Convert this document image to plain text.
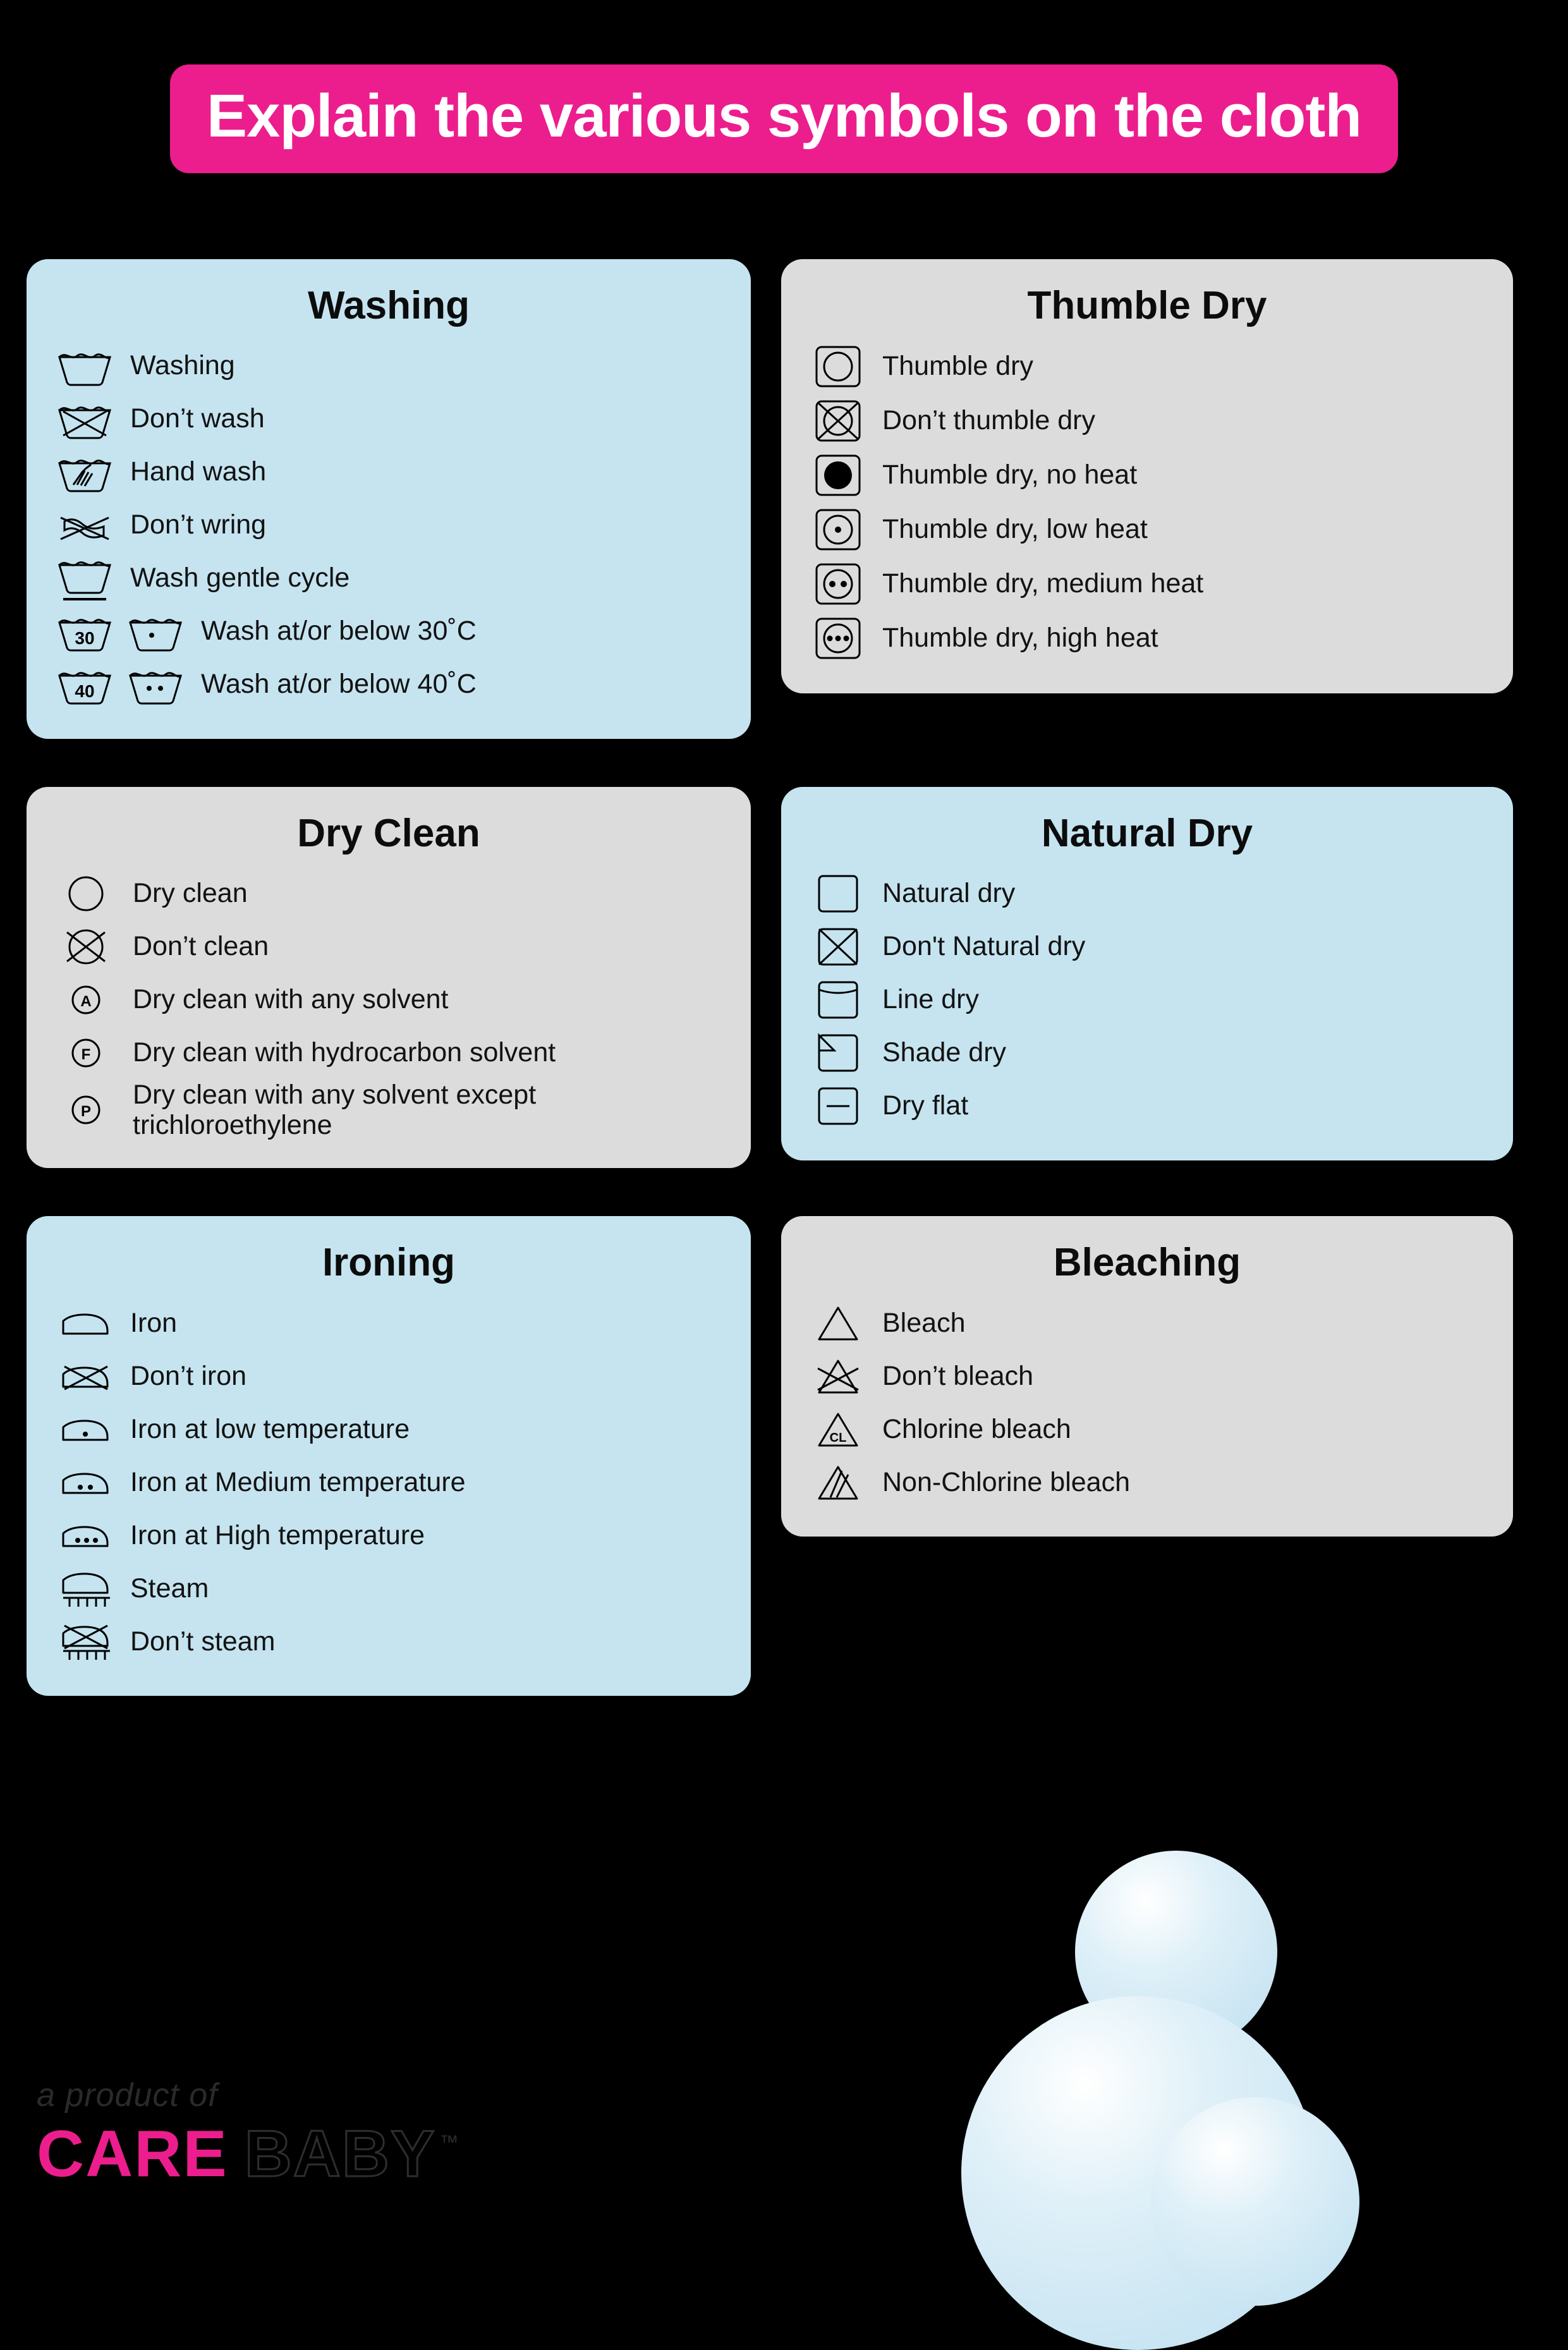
Explain the various symbols on the cloth
Washing
Washing
Don’t wash
Hand wash
Don’t wring
Wash gentle cycle
30	Wash at/or below 30˚C
40	Wash at/or below 40˚C
Thumble Dry
Thumble dry
Don’t thumble dry
Thumble dry, no heat
Thumble dry, low heat
Thumble dry, medium heat
Thumble dry, high heat
Dry Clean
Dry clean
Don’t clean
A Dry clean with any solvent
F Dry clean with hydrocarbon solvent
P
Dry clean with any solvent except trichloroethylene
Natural Dry
Natural dry
Don't Natural dry
Line dry
Shade dry
Dry flat
Ironing
Iron
Don’t iron
Iron at low temperature
Iron at Medium temperature
Iron at High temperature
Steam
Don’t steam
Bleaching
Bleach
Don’t bleach
CL Chlorine bleach
Non-Chlorine bleach
a product of
CARE BABY ™
